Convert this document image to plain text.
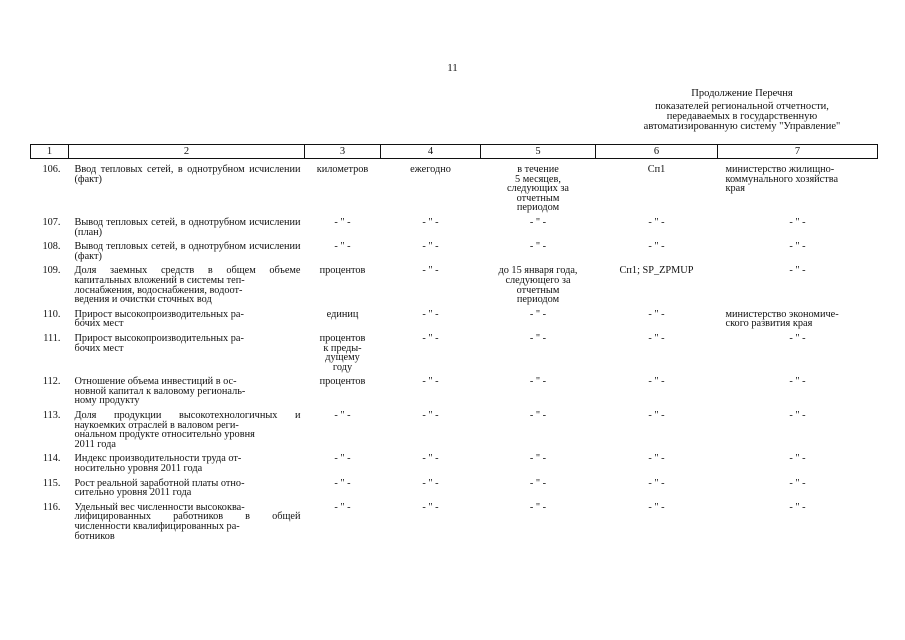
11
Продолжение Перечня
показателей региональной отчетности,
передаваемых в государственную
автоматизированную систему "Управление"
1	2	3	4	5	6	7
106.	Ввод тепловых сетей, в однотрубном исчислении (факт)	километров	ежегодно	в течение
5 месяцев,
следующих за
отчетным
периодом	Сп1	министерство жилищно-
коммунального хозяйства
края
107.	Вывод тепловых сетей, в однотрубном исчислении (план)	- " -	- " -	- " -	- " -	- " -
108.	Вывод тепловых сетей, в однотрубном исчислении (факт)	- " -	- " -	- " -	- " -	- " -
109.	Доля заемных средств в общем объеме капитальных вложений в системы теп-
лоснабжения, водоснабжения, водоот-
ведения и очистки сточных вод	процентов	- " -	до 15 января года,
следующего за
отчетным
периодом	Сп1; SP_ZPMUP	- " -
110.	Прирост высокопроизводительных ра-
бочих мест	единиц	- " -	- " -	- " -	министерство экономиче-
ского развития края
111.	Прирост высокопроизводительных ра-
бочих мест	процентов
к преды-
дущему
году	- " -	- " -	- " -	- " -
112.	Отношение объема инвестиций в ос-
новной капитал к валовому региональ-
ному продукту	процентов	- " -	- " -	- " -	- " -
113.	Доля продукции высокотехнологичных и наукоемких отраслей в валовом реги-
ональном продукте относительно уровня
2011 года	- " -	- " -	- " -	- " -	- " -
114.	Индекс производительности труда от-
носительно уровня 2011 года	- " -	- " -	- " -	- " -	- " -
115.	Рост реальной заработной платы отно-
сительно уровня 2011 года	- " -	- " -	- " -	- " -	- " -
116.	Удельный вес численности высококва-
лифицированных работников в общей численности квалифицированных ра-
ботников	- " -	- " -	- " -	- " -	- " -
